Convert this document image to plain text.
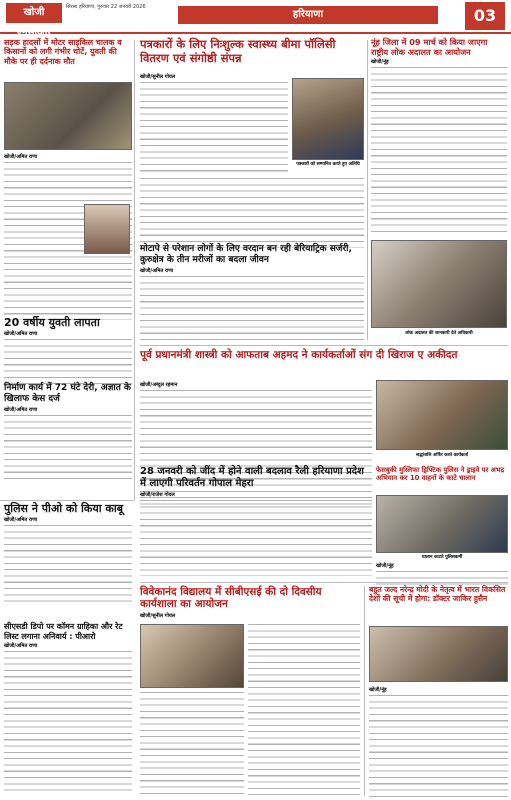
खोजी एनसीआर
सिरसा हरियाणा, गुरुवार 22 जनवरी 2026
हरियाणा	03
सड़क हादसों में मोटर साइकिल चालक व किसानों को लगी गंभीर चोटें, युवती की मौके पर ही दर्दनाक मौत
खोजी/अमित राणा
20 वर्षीय युवती लापता
खोजी/अमित राणा
निर्माण कार्य में 72 घंटे देरी, अज्ञात के खिलाफ केस दर्ज
खोजी/अमित राणा
पुलिस ने पीओ को किया काबू
खोजी/अमित राणा
सीएसडी डिपो पर कॉमन ग्राहिका और रेट लिस्ट लगाना अनिवार्य : पीआरो
खोजी/अमित राणा
पत्रकारों के लिए निःशुल्क स्वास्थ्य बीमा पॉलिसी वितरण एवं संगोष्ठी संपन्न
खोजी/सुनील गोयल
पत्रकारों को सम्मानित करते हुए अतिथि
मोटापे से परेशान लोगों के लिए वरदान बन रही बेरियाट्रिक सर्जरी, कुरुक्षेत्र के तीन मरीजों का बदला जीवन
खोजी/अमित राणा
नूंह जिला में 09 मार्च को किया जाएगा राष्ट्रीय लोक अदालत का आयोजन
खोजी/नूंह
लोक अदालत की जानकारी देते अधिकारी
पूर्व प्रधानमंत्री शास्त्री को आफताब अहमद ने कार्यकर्ताओं संग दी खिराज ए अकीदत
खोजी/अब्दुल रहमान
श्रद्धांजलि अर्पित करते कार्यकर्ता
28 जनवरी को जींद में होने वाली बदलाव रैली हरियाणा प्रदेश में लाएगी परिवर्तन गोपाल मेहरा
खोजी/राजेश गोयल
फेसबुकी मुस्लिफा ड्रिफ्टिक पुलिस ने ड्राइवे पर अभद्र अभियान कर 10 वाहनों के काटे चालान
चालान काटते पुलिसकर्मी
खोजी/नूंह
विवेकानंद विद्यालय में सीबीएसई की दो दिवसीय कार्यशाला का आयोजन
खोजी/सुनील गोयल
बहुत जल्द नरेन्द्र मोदी के नेतृत्व में भारत विकसित देशों की सूची में होगा: डॉक्टर जाकिर हुसैन
खोजी/नूंह
